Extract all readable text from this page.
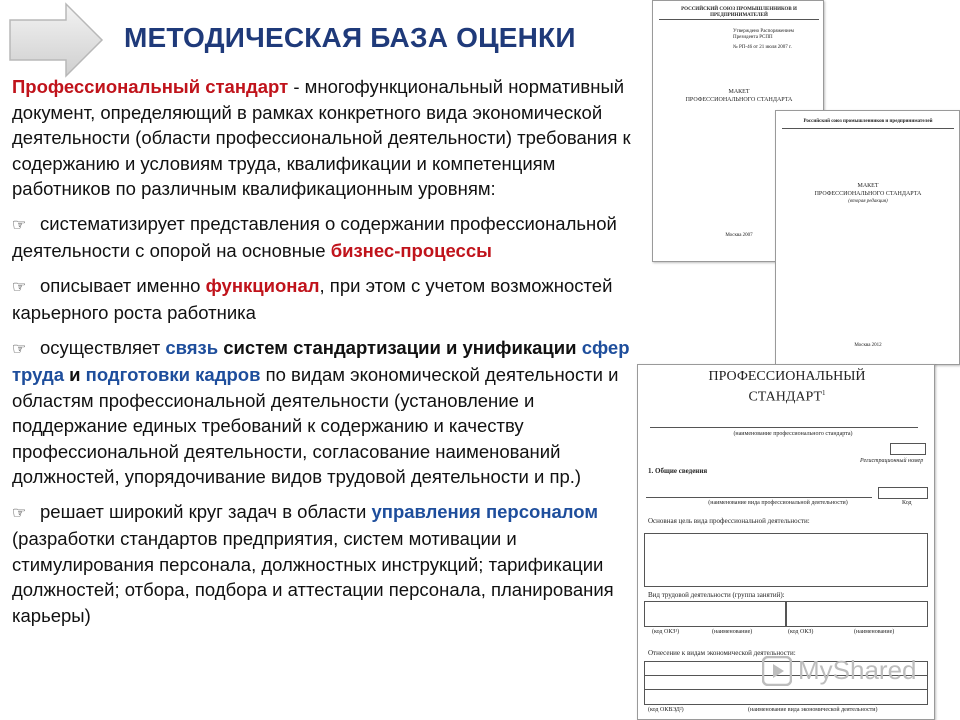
МЕТОДИЧЕСКАЯ БАЗА ОЦЕНКИ

Профессиональный стандарт - многофункциональный нормативный документ, определяющий в рамках конкретного вида экономической деятельности (области профессиональной деятельности) требования к содержанию и условиям труда, квалификации и компетенциям работников по различным квалификационным уровням:

☞ систематизирует представления о содержании профессиональной деятельности с опорой на основные бизнес-процессы

☞ описывает именно функционал, при этом с учетом возможностей карьерного роста работника

☞ осуществляет связь систем стандартизации и унификации сфер труда и подготовки кадров по видам экономической деятельности и областям профессиональной деятельности (установление и поддержание единых требований к содержанию и качеству профессиональной деятельности, согласование наименований должностей, упорядочивание видов трудовой деятельности и пр.)

☞ решает широкий круг задач в области управления персоналом (разработки стандартов предприятия, систем мотивации и стимулирования персонала, должностных инструкций; тарификации должностей; отбора, подбора и аттестации персонала, планирования карьеры)

РОССИЙСКИЙ СОЮЗ ПРОМЫШЛЕННИКОВ И ПРЕДПРИНИМАТЕЛЕЙ
Утверждено Распоряжением Президента РСПП
№ РП-46 от 21 июля 2007 г.
МАКЕТ
ПРОФЕССИОНАЛЬНОГО СТАНДАРТА
Москва 2007
Российский союз промышленников и предпринимателей
МАКЕТ
ПРОФЕССИОНАЛЬНОГО СТАНДАРТА
(вторая редакция)
Москва 2012
ПРОФЕССИОНАЛЬНЫЙ
СТАНДАРТ$^1$
(наименование профессионального стандарта)
Регистрационный номер
1. Общие сведения
(наименование вида профессиональной деятельности)	Код
Основная цель вида профессиональной деятельности:
Вид трудовой деятельности (группа занятий):
(код ОКЗ¹)	(наименование)	(код ОКЗ)	(наименование)
Отнесение к видам экономической деятельности:
(код ОКВЭД²)	(наименование вида экономической деятельности)
MyShared
